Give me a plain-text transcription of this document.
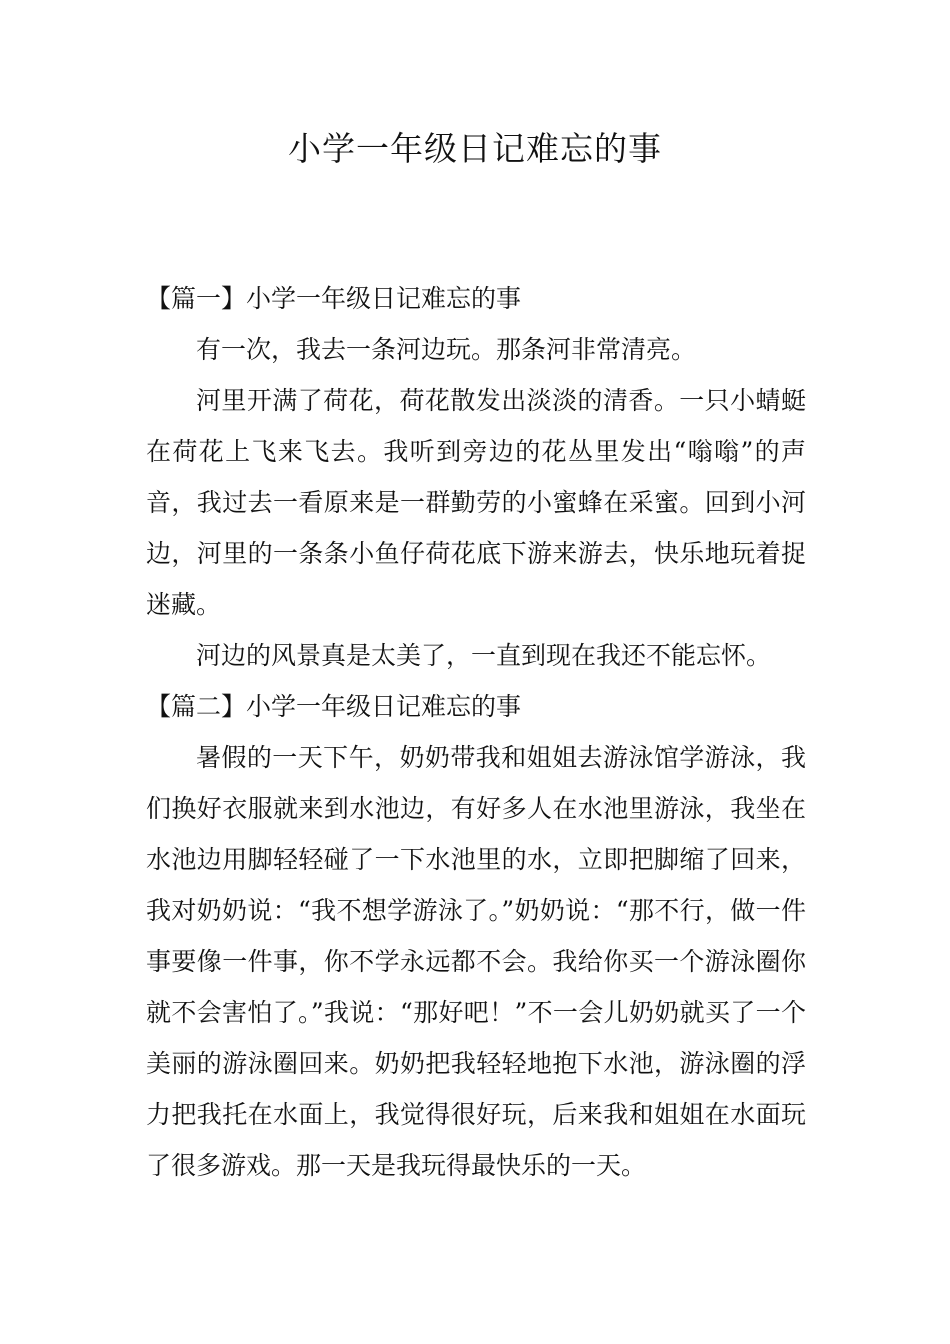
小学一年级日记难忘的事

【篇一】小学一年级日记难忘的事

有一次，我去一条河边玩。那条河非常清亮。

河里开满了荷花，荷花散发出淡淡的清香。一只小蜻蜓在荷花上飞来飞去。我听到旁边的花丛里发出“嗡嗡”的声音，我过去一看原来是一群勤劳的小蜜蜂在采蜜。回到小河边，河里的一条条小鱼仔荷花底下游来游去，快乐地玩着捉迷藏。

河边的风景真是太美了，一直到现在我还不能忘怀。

【篇二】小学一年级日记难忘的事

暑假的一天下午，奶奶带我和姐姐去游泳馆学游泳，我们换好衣服就来到水池边，有好多人在水池里游泳，我坐在水池边用脚轻轻碰了一下水池里的水，立即把脚缩了回来，我对奶奶说：“我不想学游泳了。”奶奶说：“那不行，做一件事要像一件事，你不学永远都不会。我给你买一个游泳圈你就不会害怕了。”我说：“那好吧！”不一会儿奶奶就买了一个美丽的游泳圈回来。奶奶把我轻轻地抱下水池，游泳圈的浮力把我托在水面上，我觉得很好玩，后来我和姐姐在水面玩了很多游戏。那一天是我玩得最快乐的一天。
